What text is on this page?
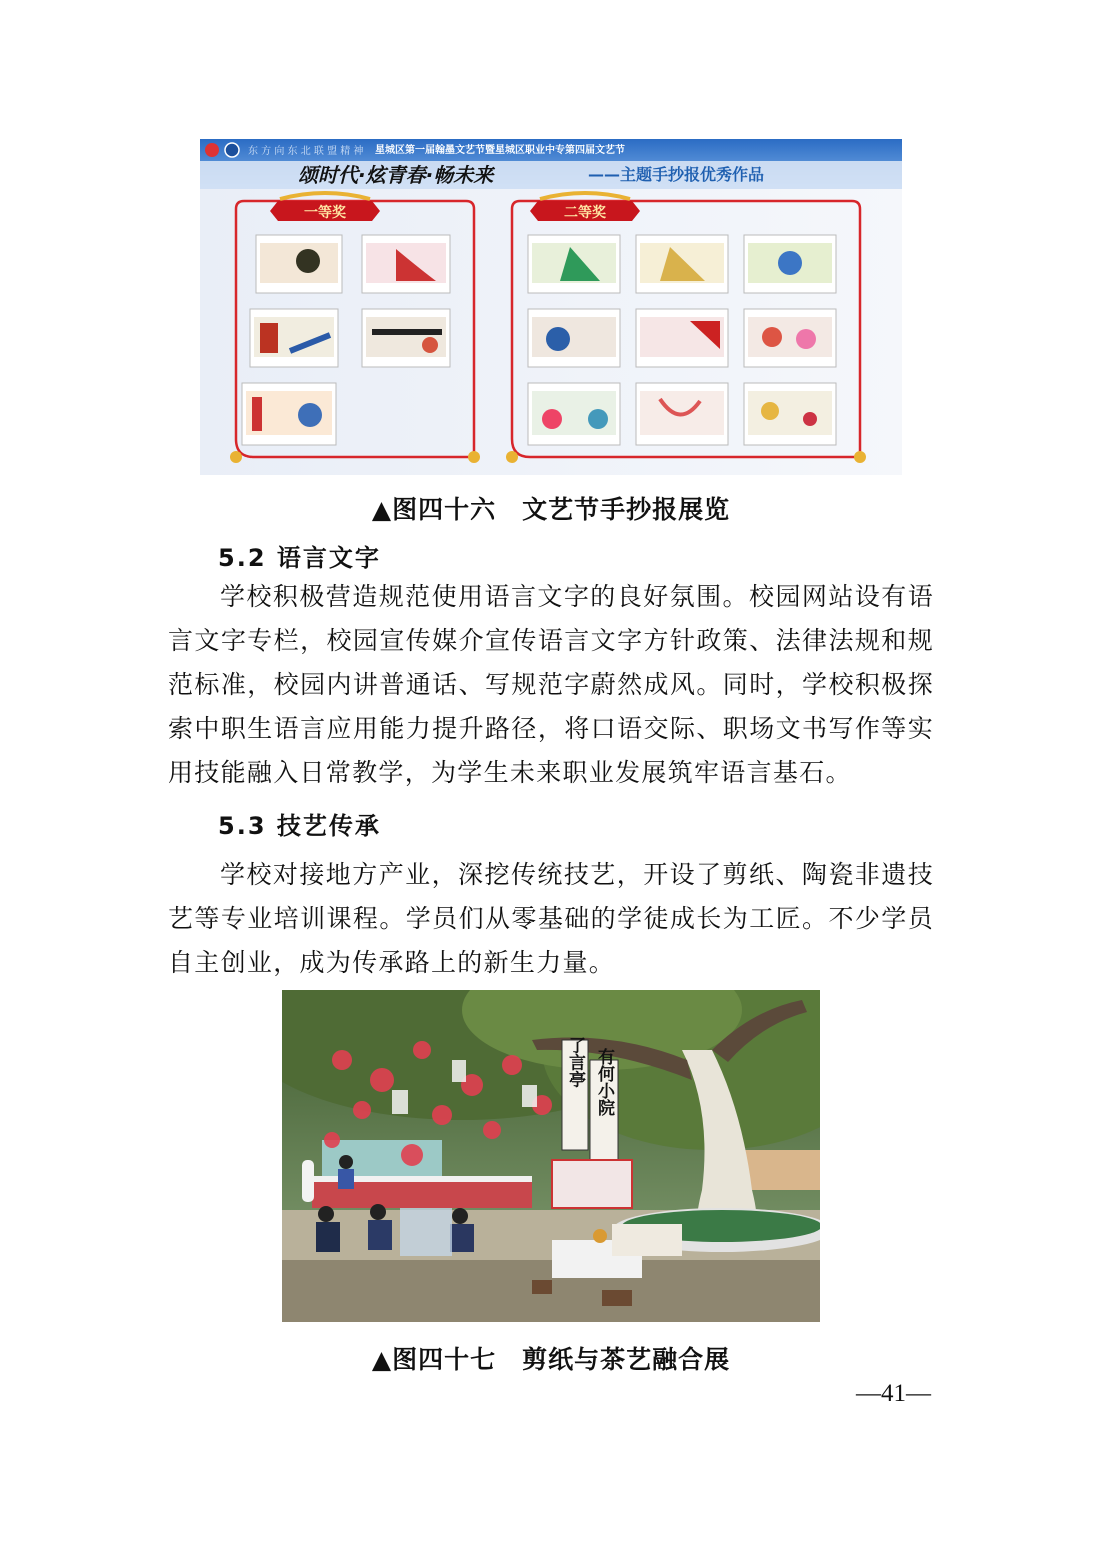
东 方 向 东 北 联 盟 精 神 星城区第一届翰墨文艺节暨星城区职业中专第四届文艺节
颂时代·炫青春·畅未来	——主题手抄报优秀作品
一等奖	二等奖
▲图四十六　文艺节手抄报展览
5.2 语言文字

学校积极营造规范使用语言文字的良好氛围。校园网站设有语言文字专栏，校园宣传媒介宣传语言文字方针政策、法律法规和规范标准，校园内讲普通话、写规范字蔚然成风。同时，学校积极探索中职生语言应用能力提升路径，将口语交际、职场文书写作等实用技能融入日常教学，为学生未来职业发展筑牢语言基石。

5.3 技艺传承

学校对接地方产业，深挖传统技艺，开设了剪纸、陶瓷非遗技艺等专业培训课程。学员们从零基础的学徒成长为工匠。不少学员自主创业，成为传承路上的新生力量。

了言亭 有何小院
▲图四十七　剪纸与茶艺融合展
—41—
